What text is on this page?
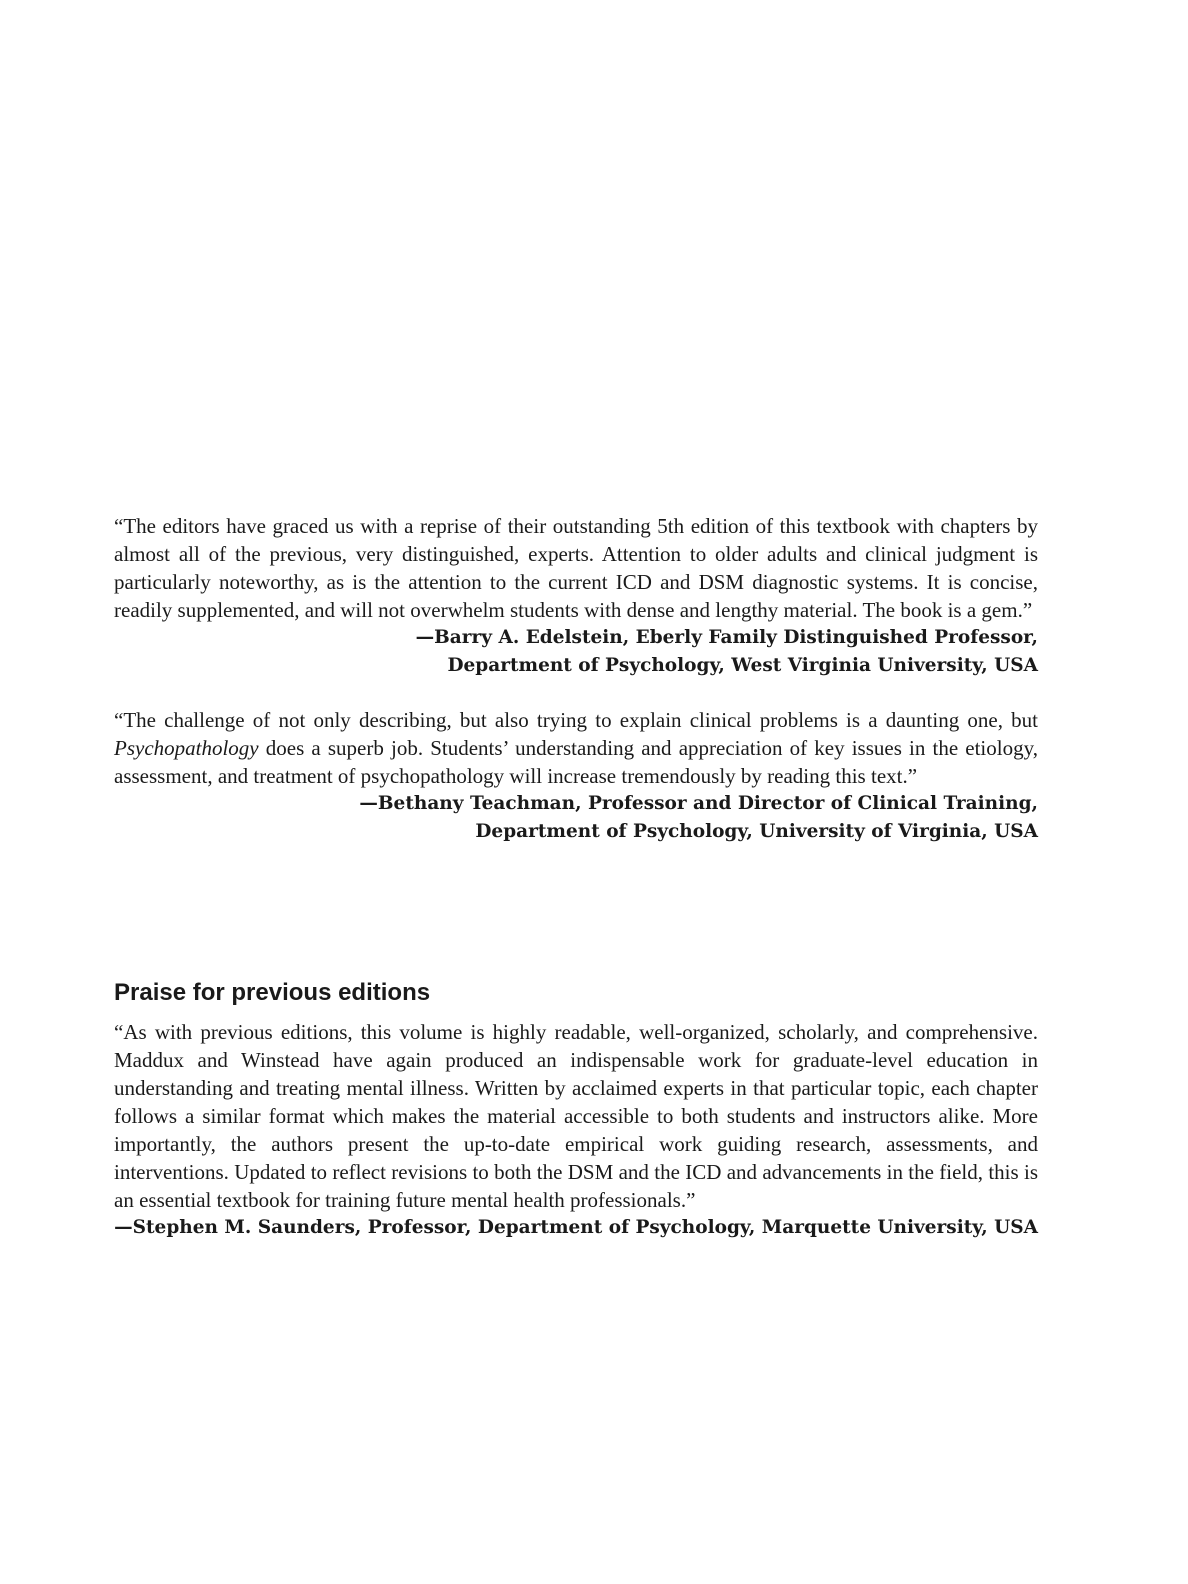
“The editors have graced us with a reprise of their outstanding 5th edition of this textbook with chapters by almost all of the previous, very distinguished, experts. Attention to older adults and clinical judgment is particularly noteworthy, as is the attention to the current ICD and DSM diagnostic systems. It is concise, readily supplemented, and will not overwhelm students with dense and lengthy material. The book is a gem.”

—Barry A. Edelstein, Eberly Family Distinguished Professor,

Department of Psychology, West Virginia University, USA

“The challenge of not only describing, but also trying to explain clinical problems is a daunting one, but Psychopathology does a superb job. Students’ understanding and appreciation of key issues in the etiology, assessment, and treatment of psychopathology will increase tremendously by reading this text.”

—Bethany Teachman, Professor and Director of Clinical Training,

Department of Psychology, University of Virginia, USA

Praise for previous editions

“As with previous editions, this volume is highly readable, well-organized, scholarly, and comprehensive. Maddux and Winstead have again produced an indispensable work for graduate-level education in understanding and treating mental illness. Written by acclaimed experts in that particular topic, each chapter follows a similar format which makes the material accessible to both students and instructors alike. More importantly, the authors present the up-to-date empirical work guiding research, assessments, and interventions. Updated to reflect revisions to both the DSM and the ICD and advancements in the field, this is an essential textbook for training future mental health professionals.”

—Stephen M. Saunders, Professor, Department of Psychology, Marquette University, USA
